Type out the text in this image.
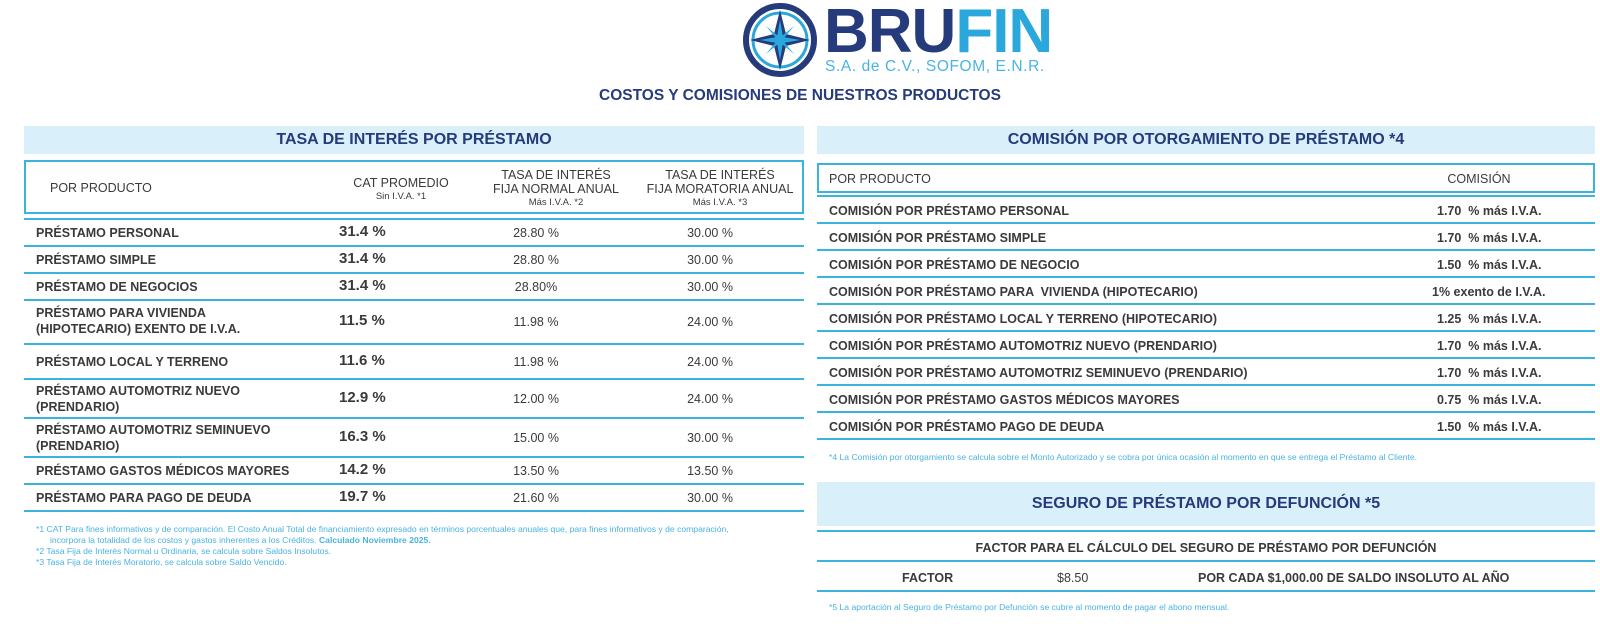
BRUFIN
S.A. de C.V., SOFOM, E.N.R.
COSTOS Y COMISIONES DE NUESTROS PRODUCTOS
TASA DE INTERÉS POR PRÉSTAMO
POR PRODUCTO	CAT PROMEDIO
Sin I.V.A. *1
TASA DE INTERÉS
FIJA NORMAL ANUAL
Más I.V.A. *2
TASA DE INTERÉS
FIJA MORATORIA ANUAL
Más I.V.A. *3
PRÉSTAMO PERSONAL	31.4 %	28.80 %	30.00 %
PRÉSTAMO SIMPLE	31.4 %	28.80 %	30.00 %
PRÉSTAMO DE NEGOCIOS	31.4 %	28.80%	30.00 %
PRÉSTAMO PARA VIVIENDA
(HIPOTECARIO) EXENTO DE I.V.A.	11.5 %	11.98 %	24.00 %
PRÉSTAMO LOCAL Y TERRENO	11.6 %	11.98 %	24.00 %
PRÉSTAMO AUTOMOTRIZ NUEVO
(PRENDARIO)
12.9 %	12.00 %	24.00 %
PRÉSTAMO AUTOMOTRIZ SEMINUEVO
(PRENDARIO)
16.3 %	15.00 %	30.00 %
PRÉSTAMO GASTOS MÉDICOS MAYORES	14.2 %	13.50 %	13.50 %
PRÉSTAMO PARA PAGO DE DEUDA	19.7 %	21.60 %	30.00 %
*1 CAT Para fines informativos y de comparación. El Costo Anual Total de financiamiento expresado en términos porcentuales anuales que, para fines informativos y de comparación,
incorpora la totalidad de los costos y gastos inherentes a los Créditos. Calculado Noviembre 2025.
*2 Tasa Fija de Interés Normal u Ordinaria, se calcula sobre Saldos Insolutos.
*3 Tasa Fija de Interés Moratorio, se calcula sobre Saldo Vencido.
COMISIÓN POR OTORGAMIENTO DE PRÉSTAMO *4
POR PRODUCTO	COMISIÓN
COMISIÓN POR PRÉSTAMO PERSONAL	1.70  % más I.V.A.
COMISIÓN POR PRÉSTAMO SIMPLE	1.70  % más I.V.A.
COMISIÓN POR PRÉSTAMO DE NEGOCIO	1.50  % más I.V.A.
COMISIÓN POR PRÉSTAMO PARA  VIVIENDA (HIPOTECARIO)	1% exento de I.V.A.
COMISIÓN POR PRÉSTAMO LOCAL Y TERRENO (HIPOTECARIO)	1.25  % más I.V.A.
COMISIÓN POR PRÉSTAMO AUTOMOTRIZ NUEVO (PRENDARIO)	1.70  % más I.V.A.
COMISIÓN POR PRÉSTAMO AUTOMOTRIZ SEMINUEVO (PRENDARIO)	1.70  % más I.V.A.
COMISIÓN POR PRÉSTAMO GASTOS MÉDICOS MAYORES	0.75  % más I.V.A.
COMISIÓN POR PRÉSTAMO PAGO DE DEUDA	1.50  % más I.V.A.
*4 La Comisión por otorgamiento se calcula sobre el Monto Autorizado y se cobra por única ocasión al momento en que se entrega el Préstamo al Cliente.
SEGURO DE PRÉSTAMO POR DEFUNCIÓN *5
FACTOR PARA EL CÁLCULO DEL SEGURO DE PRÉSTAMO POR DEFUNCIÓN
FACTOR	$8.50	POR CADA $1,000.00 DE SALDO INSOLUTO AL AÑO
*5 La aportación al Seguro de Préstamo por Defunción se cubre al momento de pagar el abono mensual.
